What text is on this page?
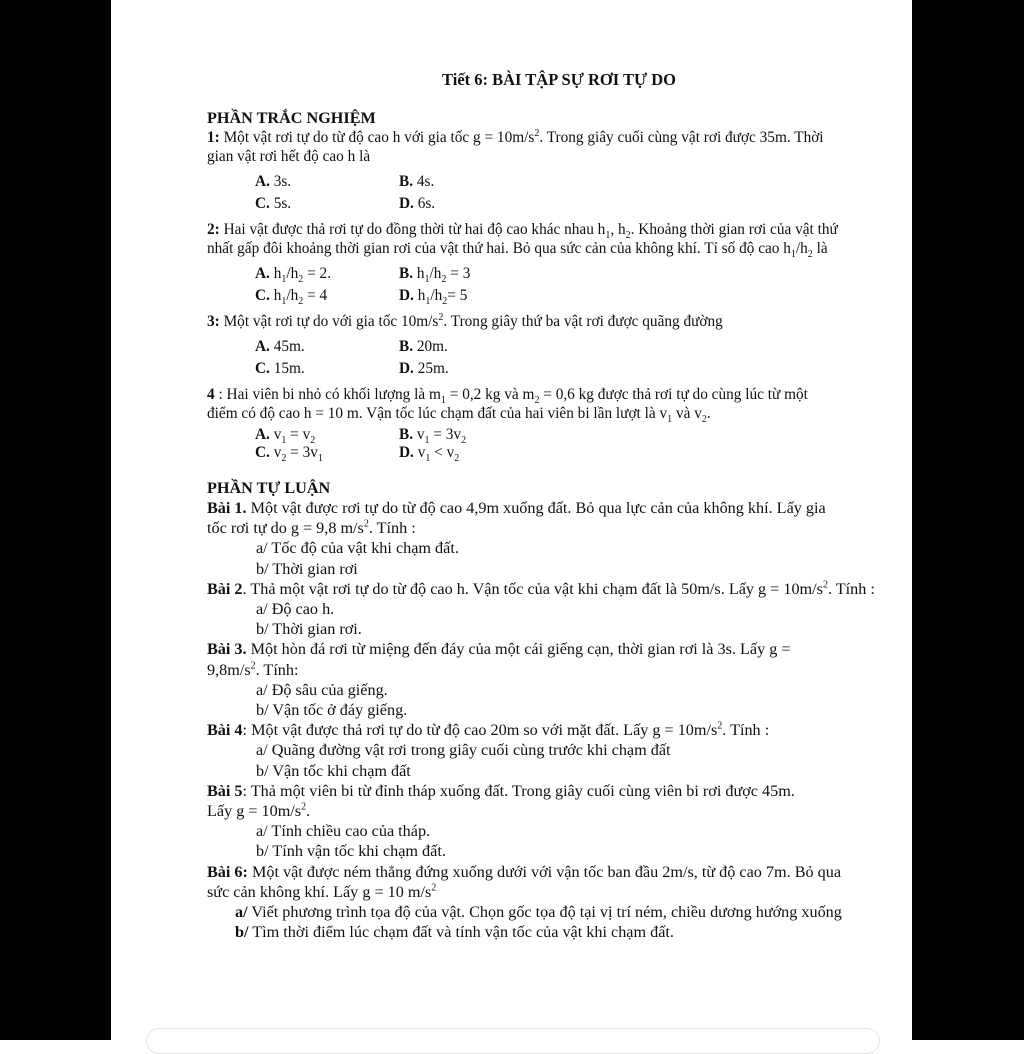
Tiết 6: BÀI TẬP SỰ RƠI TỰ DO
PHẦN TRẮC NGHIỆM
1: Một vật rơi tự do từ độ cao h với gia tốc $g = 10m/s^2$. Trong giây cuối cùng vật rơi được 35m. Thời gian vật rơi hết độ cao h là
A. 3s.	B. 4s.
C. 5s.	D. 6s.
2: Hai vật được thả rơi tự do đồng thời từ hai độ cao khác nhau $h_1$, $h_2$. Khoảng thời gian rơi của vật thứ nhất gấp đôi khoảng thời gian rơi của vật thứ hai. Bỏ qua sức cản của không khí. Tỉ số độ cao $h_1/h_2$ là
A. $h_1/h_2 = 2$.	B. $h_1/h_2 = 3$
C. $h_1/h_2 = 4$	D. $h_1/h_2= 5$
3: Một vật rơi tự do với gia tốc $10m/s^2$. Trong giây thứ ba vật rơi được quãng đường
A. 45m.	B. 20m.
C. 15m.	D. 25m.
4 : Hai viên bi nhỏ có khối lượng là $m_1 = 0,2$ kg và $m_2 = 0,6$ kg được thả rơi tự do cùng lúc từ một điểm có độ cao h = 10 m. Vận tốc lúc chạm đất của hai viên bi lần lượt là $v_1$ và $v_2$.
A. $v_1 = v_2$	B. $v_1 = 3v_2$
C. $v_2 = 3v_1$	D. $v_1 < v_2$
PHẦN TỰ LUẬN
Bài 1. Một vật được rơi tự do từ độ cao 4,9m xuống đất. Bỏ qua lực cản của không khí. Lấy gia tốc rơi tự do g = 9,8 $m/s^2$. Tính :
a/ Tốc độ của vật khi chạm đất.
b/ Thời gian rơi
Bài 2. Thả một vật rơi tự do từ độ cao h. Vận tốc của vật khi chạm đất là 50m/s. Lấy $g = 10m/s^2$. Tính :
a/ Độ cao h.
b/ Thời gian rơi.
Bài 3. Một hòn đá rơi từ miệng đến đáy của một cái giếng cạn, thời gian rơi là 3s. Lấy $g = 9,8m/s^2$. Tính:
a/ Độ sâu của giếng.
b/ Vận tốc ở đáy giếng.
Bài 4: Một vật được thả rơi tự do từ độ cao 20m so với mặt đất. Lấy $g = 10m/s^2$. Tính :
a/ Quãng đường vật rơi trong giây cuối cùng trước khi chạm đất
b/ Vận tốc khi chạm đất
Bài 5: Thả một viên bi từ đỉnh tháp xuống đất. Trong giây cuối cùng viên bi rơi được 45m. Lấy $g = 10m/s^2$.
a/ Tính chiều cao của tháp.
b/ Tính vận tốc khi chạm đất.
Bài 6: Một vật được ném thẳng đứng xuống dưới với vận tốc ban đầu 2m/s, từ độ cao 7m. Bỏ qua sức cản không khí. Lấy g = 10 $m/s^2$
a/ Viết phương trình tọa độ của vật. Chọn gốc tọa độ tại vị trí ném, chiều dương hướng xuống
b/ Tìm thời điểm lúc chạm đất và tính vận tốc của vật khi chạm đất.
